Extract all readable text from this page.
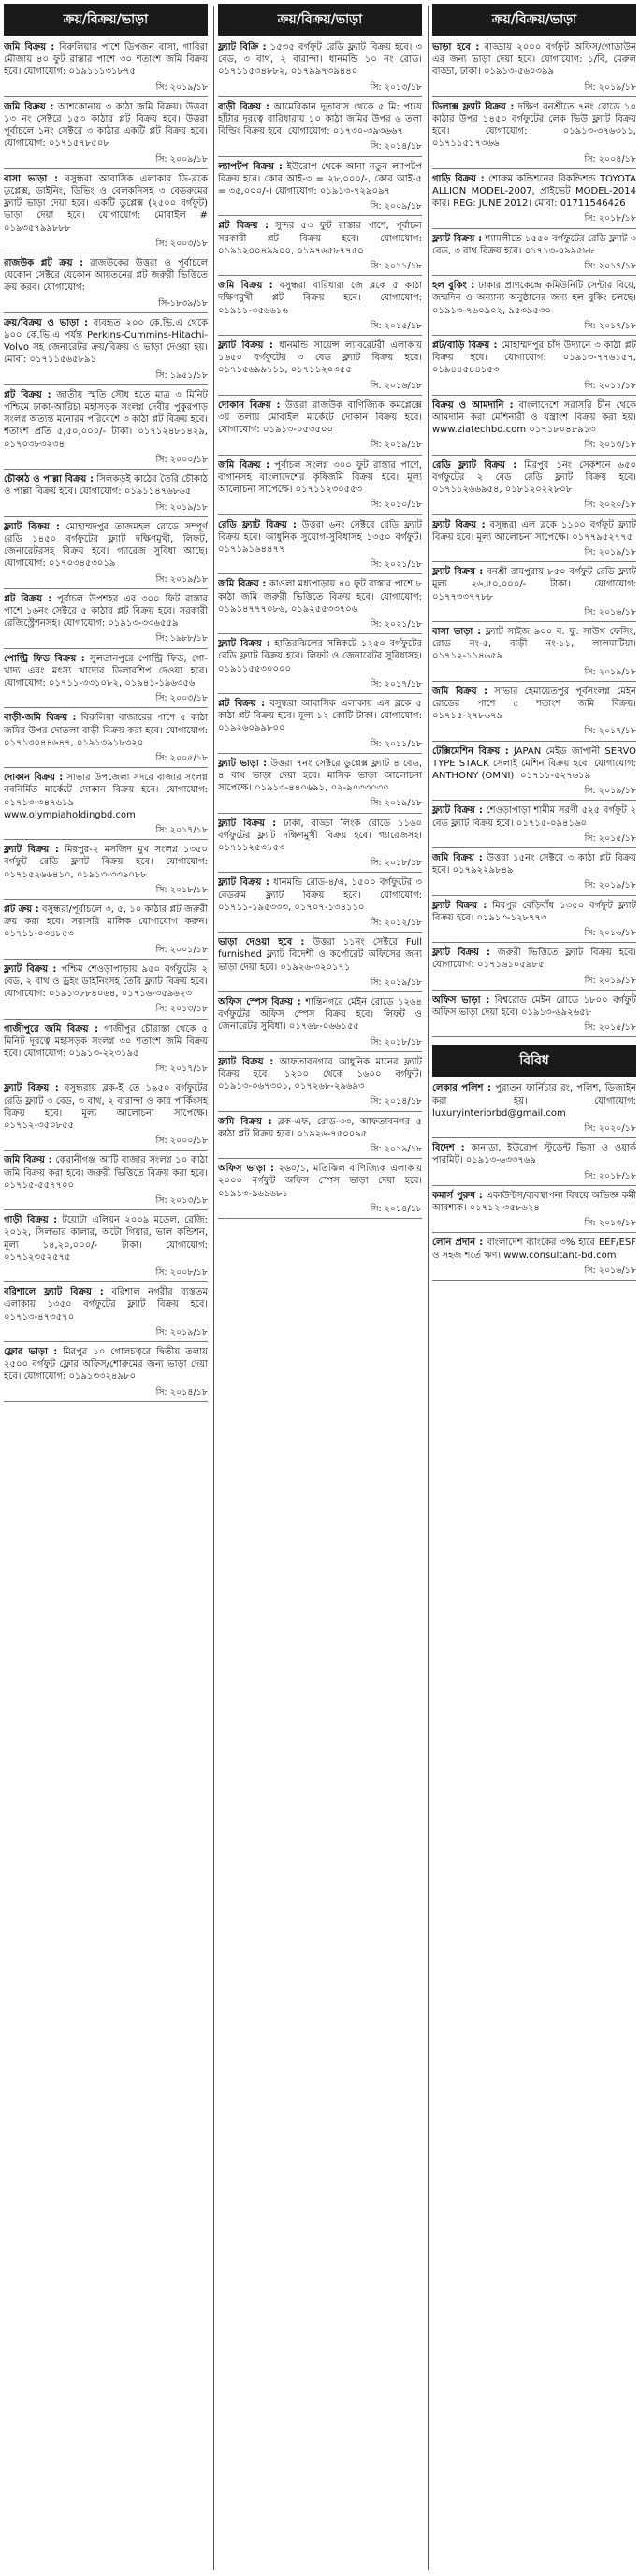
ক্রয়/বিক্রয়/ভাড়া
জমি বিক্রয় : বিরুলিয়ার পাশে ডিপজন বাসা, গাবিরা মৌজায় ৪০ ফুট রাস্তার পাশে ৩০ শতাংশ জমি বিক্রয় হবে। যোগাযোগ: ০১৯১১১৩১৮৭৫
সি: ২০১৯/১৮
জমি বিক্রয় : আশকোনায় ৩ কাঠা জমি বিক্রয়। উত্তরা ১৩ নং সেক্টরে ১৫৩ কাঠার প্লট বিক্রয় হবে। উত্তরা পূর্বাচলে ১নং সেক্টরে ৩ কাঠার একটি প্লট বিক্রয় হবে। যোগাযোগ: ০১৭১৫৭৮৫০৮
সি: ২০০৯/১৮
বাসা ভাড়া : বসুন্ধরা আবাসিক এলাকার ডি-ব্লকে ডুপ্লেক্স, ডাইনিং, ডিভিং ও বেলকনিসহ ৩ বেডরুমের ফ্ল্যাট ভাড়া দেয়া হবে। একটি ডুপ্লেক্স (২৫০০ বর্গফুট) ভাড়া দেয়া হবে। যোগাযোগ: মোবাইল # ০১৯৩৫৭৯৯৮৮৮
সি: ২০০৩/১৮
রাজউক প্লট ক্রয় : রাজউকের উত্তরা ও পূর্বাচলে যেকোন সেক্টরে যেকোন আয়তনের প্লট জরুরী ভিত্তিতে ক্রয় করব। যোগাযোগ:
সি-১৮৩৯/১৮
ক্রয়/বিক্রয় ও ভাড়া : ব্যবহৃত ২০০ কে.ভি.এ থেকে ৯০০ কে.ভি.এ পর্যন্ত Perkins-Cummins-Hitachi-Volvo সহ জেনারেটর ক্রয়/বিক্রয় ও ভাড়া দেওয়া হয়। মোবা: ০১৭১১৫৬৫৮৯১
সি: ১৯৫১/১৮
প্লট বিক্রয় : জাতীয় স্মৃতি সৌধ হতে মাত্র ৩ মিনিট পশ্চিমে ঢাকা-আরিচা মহাসড়ক সংলগ্ন দেবীর পুকুরপাড় সংলগ্ন অত্যন্ত মনোরম পরিবেশে ৩ কাঠা প্লট বিক্রয় হবে। শতাংশ প্রতি ৫,৫০,০০০/- টাকা। ০১৭১২৪৮১৪২৯, ০১৭০৩৮৩২৩৪
সি: ২০০০/১৮
চৌকাঠ ও পাল্লা বিক্রয় : সিলকড়ই কাঠের তৈরি চৌকাঠ ও পাল্লা বিক্রয় হবে। যোগাযোগ: ০১৯১১৪৭৬৮৬৫
সি: ২০১৯/১৮
ফ্ল্যাট বিক্রয় : মোহাম্মদপুর তাজমহল রোডে সম্পূর্ণ রেডি ১৪৫০ বর্গফুটের ফ্ল্যাট দক্ষিণমুখী, লিফট, জেনারেটরসহ বিক্রয় হবে। গ্যারেজ সুবিধা আছে। যোগাযোগ: ০১৭০৩৪৫৩০১৯
সি: ২০১৯/১৮
প্লট বিক্রয় : পূর্বাচল উপশহর এর ৩০০ ফিট রাস্তার পাশে ১৬নং সেক্টরে ৫ কাঠার প্লট বিক্রয় হবে। সরকারী রেজিস্ট্রেশনসহ। যোগাযোগ: ০১৯১৩-৩৩৬৫৫৯
সি: ১৯৮৮/১৮
পোল্ট্রি ফিড বিক্রয় : সুলতানপুরে পোল্ট্রি ফিড, গো-খাদ্য এবং মৎস্য খাদ্যের ডিলারশিপ দেওয়া হবে। যোগাযোগ: ০১৭১১-৩৩১০৮২, ০১৯৪১-১৯৬৩৫৬
সি: ২০০৩/১৮
বাড়ী-জমি বিক্রয় : বিরুলিয়া বাজারের পাশে ৫ কাঠা জমির উপর দোতলা বাড়ী বিক্রয় করা হবে। যোগাযোগ: ০১৭১৩০৪৪৬৪৭, ০১৯১৩৯১৮৩২০
সি: ২০০৫/১৮
দোকান বিক্রয় : সাভার উপজেলা সদরে বাজার সংলগ্ন নবনির্মিত মার্কেটে দোকান বিক্রয় হবে। যোগাযোগ: ০১৭১৩-৩৪৭৬১৯ www.olympiaholdingbd.com
সি: ২০১৭/১৮
ফ্ল্যাট বিক্রয় : মিরপুর-২ মসজিদ মুখ সংলগ্ন ১৩৫০ বর্গফুট রেডি ফ্ল্যাট বিক্রয় হবে। যোগাযোগ: ০১৭১৫২৬৬৪১০, ০১৯১৩-৩৩৯০৮৮
সি: ২০১৮/১৮
প্লট ক্রয় : বসুন্ধরা/পূর্বাচলে ৩, ৫, ১০ কাঠার প্লট জরুরী ক্রয় করা হবে। সরাসরি মালিক যোগাযোগ করুন। ০১৭১১-০৩৪৮৫৩
সি: ২০০১/১৮
ফ্ল্যাট বিক্রয় : পশ্চিম শেওড়াপাড়ায় ৯৫০ বর্গফুটের ২ বেড, ২ বাথ ও ড্রইং ডাইনিংসহ তৈরি ফ্ল্যাট বিক্রয় হবে। যোগাযোগ: ০১৯১৩৮৮৪০৬৪, ০১৭১৬-৩৫৯৬২৩
সি: ২০১৩/১৮
গাজীপুরে জমি বিক্রয় : গাজীপুর চৌরাস্তা থেকে ৫ মিনিট দূরত্বে মহাসড়ক সংলগ্ন ৩০ শতাংশ জমি বিক্রয় হবে। যোগাযোগ: ০১৯১৩-২২৩১৯৫
সি: ২০১৭/১৮
ফ্ল্যাট বিক্রয় : বসুন্ধরায় ব্লক-ই তে ১৯৫০ বর্গফুটের রেডি ফ্ল্যাট ৩ বেড, ৩ বাথ, ২ বারান্দা ও কার পার্কিংসহ বিক্রয় হবে। মূল্য আলোচনা সাপেক্ষে। ০১৭১২-৩৫০৮৫৫
সি: ২০০০/১৮
জমি বিক্রয় : কেরানীগঞ্জ আটি বাজার সংলগ্ন ১০ কাঠা জমি বিক্রয় করা হবে। জরুরী ভিত্তিতে বিক্রয় করা হবে। ০১৭১৫-৫৫৭৭০০
সি: ২০১৩/১৮
গাড়ী বিক্রয় : টয়োটা এলিয়ন ২০০৯ মডেল, রেজি: ২০১২, সিলভার কালার, অটো গিয়ার, ভাল কন্ডিশন, মূল্য ১৪,২০,০০০/- টাকা। যোগাযোগ: ০১৭১২৩৫২৫৭৫
সি: ২০০৮/১৮
বরিশালে ফ্ল্যাট বিক্রয় : বরিশাল নগরীর ব্যস্ততম এলাকায় ১৩৫০ বর্গফুটের ফ্ল্যাট বিক্রয় হবে। ০১৭১৩-৪৭৩৫৭০
সি: ২০১৯/১৮
ফ্লোর ভাড়া : মিরপুর ১০ গোলচত্বরে দ্বিতীয় তলায় ২৫০০ বর্গফুট ফ্লোর অফিস/শোরুমের জন্য ভাড়া দেয়া হবে। যোগাযোগ: ০১৯১৩৩২৪৯৮০
সি: ২০১৪/১৮
ক্রয়/বিক্রয়/ভাড়া
ফ্ল্যাট বিক্রি : ১৫৩৫ বর্গফুট রেডি ফ্ল্যাট বিক্রয় হবে। ৩ বেড, ৩ বাথ, ২ বারান্দা। ধানমন্ডি ১০ নং রোড। ০১৭১১৫৩৪৮৮২, ০১৭৯৯৭৩৯৪৪০
সি: ২০১৩/১৮
বাড়ী বিক্রয় : আমেরিকান দূতাবাস থেকে ৫ মি: পায়ে হাঁটার দূরত্বে বারিধারায় ১০ কাঠা জমির উপর ৬ তলা বিল্ডিং বিক্রয় হবে। যোগাযোগ: ০১৭৩০-৩৯৩৬৬৭
সি: ২০১৪/১৮
ল্যাপটপ বিক্রয় : ইউরোপ থেকে আনা নতুন ল্যাপটপ বিক্রয় হবে। কোর আই-৩ = ২৮,০০০/-, কোর আই-৫ = ৩৫,০০০/-। যোগাযোগ: ০১৯১৩-৭২৯০৯৭
সি: ২০০৯/১৮
প্লট বিক্রয় : সুন্দর ৫৩ ফুট রাস্তার পাশে, পূর্বাচল সরকারী প্লট বিক্রয় হবে। যোগাযোগ: ০১৯১২০০৪৯৯০০, ০১৯৭৬৫৮৭৭৫০
সি: ২০১১/১৮
জমি বিক্রয় : বসুন্ধরা বারিধারা জে ব্লকে ৫ কাঠা দক্ষিণমুখী প্লট বিক্রয় হবে। যোগাযোগ: ০১৯১১-৩৫৬৬১৬
সি: ২০১৫/১৮
ফ্ল্যাট বিক্রয় : ধানমন্ডি সায়েন্স ল্যাবরেটরী এলাকায় ১৬৫০ বর্গফুটের ৩ বেড ফ্ল্যাট বিক্রয় হবে। ০১৭১৫৬৯৯১১১, ০১৭১১২০৩৫৫
সি: ২০১৬/১৮
দোকান বিক্রয় : উত্তরা রাজউক বাণিজ্যিক কমপ্লেক্সে ৩য় তলায় মোবাইল মার্কেটে দোকান বিক্রয় হবে। যোগাযোগ: ০১৯১৩-০৫৩৫০০
সি: ২০১৯/১৮
জমি বিক্রয় : পূর্বাচল সংলগ্ন ৩০০ ফুট রাস্তার পাশে, বাগানসহ বাংলাদেশের কৃষিজমি বিক্রয় হবে। মূল্য আলোচনা সাপেক্ষে। ০১৭১১২৩০৫৫৩
সি: ২০১০/১৮
রেডি ফ্ল্যাট বিক্রয় : উত্তরা ৬নং সেক্টরে রেডি ফ্ল্যাট বিক্রয় হবে। আধুনিক সুযোগ-সুবিধাসহ ১৩৫০ বর্গফুট। ০১৭১৯১৬৪৪৭৭
সি: ২০২১/১৮
জমি বিক্রয় : কাওলা মধ্যপাড়ায় ৪০ ফুট রাস্তার পাশে ৮ কাঠা জমি জরুরী ভিত্তিতে বিক্রয় হবে। যোগাযোগ: ০১৯১৪৭৭৭০৮৬, ০১৯২৫৫৩৩৭০৬
সি: ২০২১/১৮
ফ্ল্যাট বিক্রয় : হাতিরঝিলের সন্নিকটে ১২৫০ বর্গফুটের রেডি ফ্ল্যাট বিক্রয় হবে। লিফট ও জেনারেটর সুবিধাসহ। ০১৯১১৫৫৩০০০০
সি: ২০১৭/১৮
প্লট বিক্রয় : বসুন্ধরা আবাসিক এলাকায় এন ব্লকে ৫ কাঠা প্লট বিক্রয় হবে। মূল্য ১২ কোটি টাকা। যোগাযোগ: ০১৯২৬০৯৯৮০০
সি: ২০১১/১৮
ফ্ল্যাট ভাড়া : উত্তরা ৭নং সেক্টরে ডুপ্লেক্স ফ্ল্যাট ৪ বেড, ৪ বাথ ভাড়া দেয়া হবে। মাসিক ভাড়া আলোচনা সাপেক্ষে। ০১৯১৩-৪৪০৬৯১, ০২-৯০৩৩০৩০
সি: ২০১৯/১৮
ফ্ল্যাট বিক্রয় : ঢাকা, বাড্ডা লিংক রোডে ১১৬০ বর্গফুটের ফ্ল্যাট দক্ষিণমুখী বিক্রয় হবে। গ্যারেজসহ। ০১৭১১২৫৩১৫৩
সি: ২০১৮/১৮
ফ্ল্যাট বিক্রয় : ধানমন্ডি রোড-৪/এ, ১৫০০ বর্গফুটের ৩ বেডরুম ফ্ল্যাট বিক্রয় হবে। যোগাযোগ: ০১৭১১-১৯৫৩৩৩, ০১৭০৭-১৩৪১১০
সি: ২০১২/১৮
ভাড়া দেওয়া হবে : উত্তরা ১১নং সেক্টরে Full furnished ফ্ল্যাট বিদেশী ও কর্পোরেট অফিসের জন্য ভাড়া দেয়া হবে। ০১৯২৬-৩২০১৭১
সি: ২০১৯/১৮
অফিস স্পেস বিক্রয় : শান্তিনগরে মেইন রোডে ১২৬৪ বর্গফুটের অফিস স্পেস বিক্রয় হবে। লিফট ও জেনারেটর সুবিধা। ০১৭৬৮-০৬৬১৫৫
সি: ২০১৮/১৮
ফ্ল্যাট বিক্রয় : আফতাবনগরে আধুনিক মানের ফ্ল্যাট বিক্রয় হবে। ১২০০ থেকে ১৬০০ বর্গফুট। ০১৯১৩-০৬৭৩০১, ০১৭২৬৮-২৯৬৯৩
সি: ২০১৪/১৮
জমি বিক্রয় : ব্লক-এফ, রোড-৩৩, আফতাবনগর ৫ কাঠা প্লট বিক্রয় হবে। ০১৯২৬-৭৫০০৯৫
সি: ২০১৯/১৮
অফিস ভাড়া : ২৬০/১, মতিঝিল বাণিজ্যিক এলাকায় ২০০০ বর্গফুট অফিস স্পেস ভাড়া দেয়া হবে। ০১৯১৩-৯৬৯৬৮১
সি: ২০১৪/১৮
ক্রয়/বিক্রয়/ভাড়া
ভাড়া হবে : বাড্ডায় ২০০০ বর্গফুট অফিস/গোডাউন এর জন্য ভাড়া দেয়া হবে। যোগাযোগ: ১/বি, মেরুল বাড্ডা, ঢাকা। ০১৯১৩-৫৬০৩৯৯
সি: ২০১৯/১৮
ডিলাক্স ফ্ল্যাট বিক্রয় : দক্ষিণ বনশ্রীতে ৭নং রোডে ১০ কাঠার উপর ১৪৫০ বর্গফুটের লেক ভিউ ফ্ল্যাট বিক্রয় হবে। যোগাযোগ: ০১৯১৩-৩৭৬৩১১, ০১৭১১৫১৭৩৬৬
সি: ২০০৪/১৮
গাড়ি বিক্রয় : শোরুম কন্ডিশনের রিকন্ডিশন্ড TOYOTA ALLION MODEL-2007, প্রাইভেট MODEL-2014 কার। REG: JUNE 2012। মোবা: 01711546426
সি: ২০১৮/১৮
ফ্ল্যাট বিক্রয় : শ্যামলীতে ১৫৫০ বর্গফুটের রেডি ফ্ল্যাট ৩ বেড, ৩ বাথ বিক্রয় হবে। ০১৭১৩-০৯৯৫৮৮
সি: ২০১৭/১৮
হল বুকিং : ঢাকার প্রাণকেন্দ্রে কমিউনিটি সেন্টার বিয়ে, জন্মদিন ও অন্যান্য অনুষ্ঠানের জন্য হল বুকিং চলছে। ০১৯১৩-৭৬০৯০২, ৯৫৩৯৫৩০
সি: ২০১৭/১৮
প্লট/বাড়ি বিক্রয় : মোহাম্মদপুর চাঁদ উদ্যানে ৩ কাঠা প্লট বিক্রয় হবে। যোগাযোগ: ০১৯১৩-৭৭৬১৫৭, ০১৯৪৪৫৪৪১৫৩
সি: ২০১১/১৮
বিক্রয় ও আমদানি : বাংলাদেশে সরাসরি চীন থেকে আমদানি করা মেশিনারী ও যন্ত্রাংশ বিক্রয় করা হয়। www.ziatechbd.com ০১৭১৮০৪৮৯১৩
সি: ২০১৩/১৮
রেডি ফ্ল্যাট বিক্রয় : মিরপুর ১নং সেকশনে ৬৫০ বর্গফুটের ২ বেড রেডি ফ্ল্যাট বিক্রয় হবে। ০১৭১১২৬৬৯৫৪, ০১৮১২০২২৮০৮
সি: ২০২০/১৮
ফ্ল্যাট বিক্রয় : বসুন্ধরা এল ব্লকে ১১০০ বর্গফুট ফ্ল্যাট বিক্রয় হবে। মূল্য আলোচনা সাপেক্ষে। ০১৭৭৯৫২৭৭৫
সি: ২০১৯/১৮
ফ্ল্যাট বিক্রয় : বনশ্রী রামপুরায় ৮৫০ বর্গফুট রেডি ফ্ল্যাট মূল্য ২৬,৫০,০০০/- টাকা। যোগাযোগ: ০১৭৭৩৩৭৭৮৮
সি: ২০১৬/১৮
বাসা ভাড়া : ফ্ল্যাট সাইজ ৯০০ ব. ফু. সাউথ ফেসিং, রোড নং-৫, বাড়ী নং-১১, লালমাটিয়া। ০১৭১২-১১৪৬৫৯
সি: ২০১৯/১৮
জমি বিক্রয় : সাভার হেমায়েতপুর পূর্বসংলগ্ন মেইন রোডের পাশে ৫ শতাংশ জমি বিক্রয়। ০১৭১৫-২৭৮৬৭৯
সি: ২০১৭/১৮
টেক্সিমেশিন বিক্রয় : JAPAN মেইড জাপানী SERVO TYPE STACK সেলাই মেশিন বিক্রয় হবে। যোগাযোগ: ANTHONY (OMNI)। ০১৭১১-৫২৭৬১৯
সি: ২০১৯/১৮
ফ্ল্যাট বিক্রয় : শেওড়াপাড়া শামীম সরণী ৫২৫ বর্গফুট ২ বেড ফ্ল্যাট বিক্রয় হবে। ০১৭১৫-০৯৪১৬০
সি: ২০১৫/১৮
জমি বিক্রয় : উত্তরা ১৫নং সেক্টরে ৩ কাঠা প্লট বিক্রয় হবে। ০১৭৯২২৯৮৪৯
সি: ২০১৯/১৮
ফ্ল্যাট বিক্রয় : মিরপুর বেড়িবাঁধ ১৩৫০ বর্গফুট ফ্ল্যাট বিক্রয় হবে। ০১৯১৩-১২৮৭৭৩
সি: ২০১৬/১৮
ফ্ল্যাট বিক্রয় : জরুরী ভিত্তিতে ফ্ল্যাট বিক্রয় হবে। যোগাযোগ: ০১৭১৬১০৫৯৮৫
সি: ২০১৯/১৮
অফিস ভাড়া : বিশ্বরোড মেইন রোডে ১৮০০ বর্গফুট অফিস ভাড়া দেয়া হবে। ০১৯১৩-৬৯২৬৫৮
সি: ২০১৫/১৮
বিবিধ
লেকার পলিশ : পুরাতন ফার্নিচার রং, পলিশ, ডিজাইন করা হয়। যোগাযোগ: luxuryinteriorbd@gmail.com
সি: ২০২০/১৮
বিদেশ : কানাডা, ইউরোপ স্টুডেন্ট ভিসা ও ওয়ার্ক পারমিট। ০১৯১৩-৬৩৩৭৬৯
সি: ২০১৮/১৮
কমার্স পুরুষ : একাউন্টস/ব্যবস্থাপনা বিষয়ে অভিজ্ঞ কর্মী আবশ্যক। ০১৭১২-৩৫৮৬২৪
সি: ২০১৩/১৮
লোন প্রদান : বাংলাদেশ ব্যাংকের ৩% হারে EEF/ESF ও সহজ শর্তে ঋণ। www.consultant-bd.com
সি: ২০১৬/১৮
